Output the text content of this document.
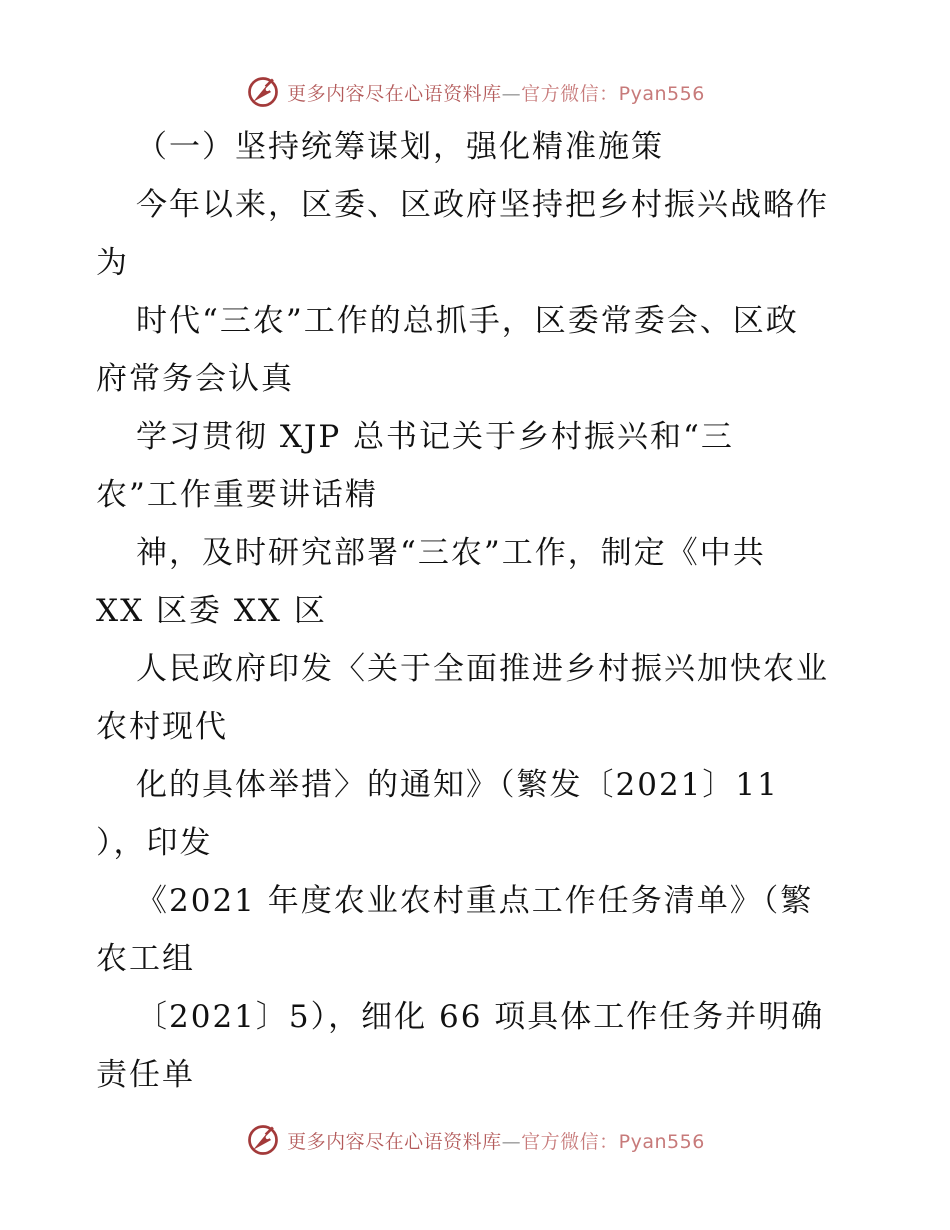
更多内容尽在心语资料库—官方微信：Pyan556
（一）坚持统筹谋划，强化精准施策
今年以来，区委、区政府坚持把乡村振兴战略作
为
时代“三农”工作的总抓手，区委常委会、区政
府常务会认真
学习贯彻 XJP 总书记关于乡村振兴和“三
农”工作重要讲话精
神，及时研究部署“三农”工作，制定《中共
XX 区委 XX 区
人民政府印发〈关于全面推进乡村振兴加快农业
农村现代
化的具体举措〉的通知》（繁发〔2021〕11
），印发
《2021 年度农业农村重点工作任务清单》（繁
农工组
〔2021〕5），细化 66 项具体工作任务并明确
责任单
更多内容尽在心语资料库—官方微信：Pyan556
